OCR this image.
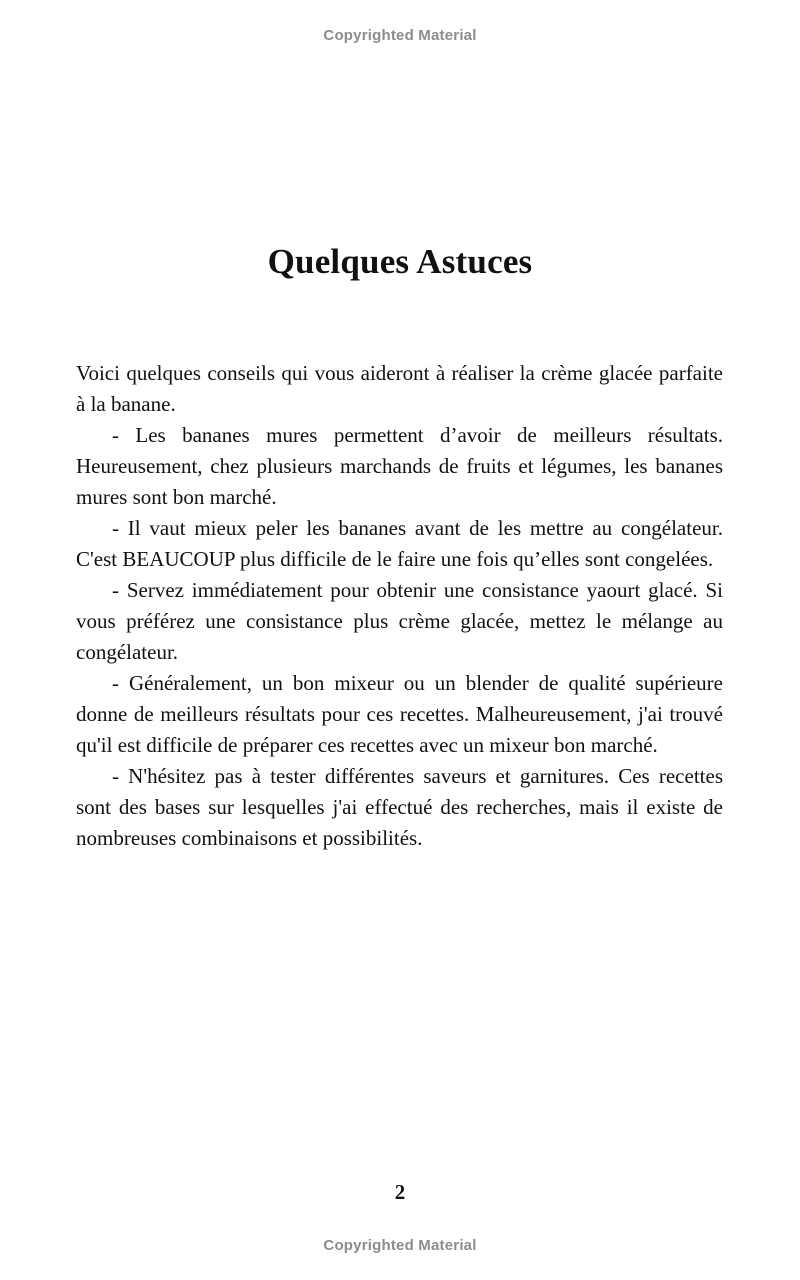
Copyrighted Material
Quelques Astuces

Voici quelques conseils qui vous aideront à réaliser la crème glacée parfaite à la banane.

- Les bananes mures permettent d’avoir de meilleurs résultats. Heureusement, chez plusieurs marchands de fruits et légumes, les bananes mures sont bon marché.

- Il vaut mieux peler les bananes avant de les mettre au congélateur. C'est BEAUCOUP plus difficile de le faire une fois qu’elles sont congelées.

- Servez immédiatement pour obtenir une consistance yaourt glacé. Si vous préférez une consistance plus crème glacée, mettez le mélange au congélateur.

- Généralement, un bon mixeur ou un blender de qualité supérieure donne de meilleurs résultats pour ces recettes. Malheureusement, j'ai trouvé qu'il est difficile de préparer ces recettes avec un mixeur bon marché.

- N'hésitez pas à tester différentes saveurs et garnitures. Ces recettes sont des bases sur lesquelles j'ai effectué des recherches, mais il existe de nombreuses combinaisons et possibilités.

2
Copyrighted Material
